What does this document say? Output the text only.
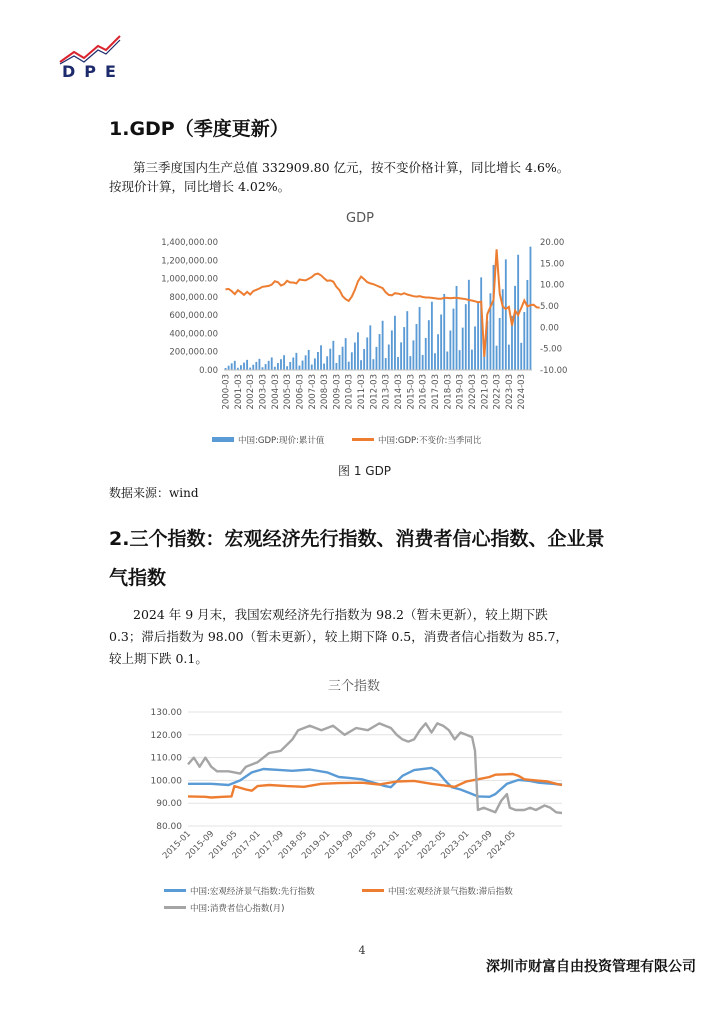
DPE
1.GDP（季度更新）

第三季度国内生产总值 332909.80 亿元，按不变价格计算，同比增长 4.6%。

按现价计算，同比增长 4.02%。

GDP
1,400,000.00
1,200,000.00
1,000,000.00
800,000.00
600,000.00
400,000.00
200,000.00
0.00
20.00
15.00
10.00
5.00
0.00
-5.00
-10.00
2000-03 2001-03 2002-03 2003-03 2004-03 2005-03 2006-03 2007-03 2008-03 2009-03 2010-03 2011-03 2012-03 2013-03 2014-03 2015-03 2016-03 2017-03 2018-03 2019-03 2020-03 2021-03 2022-03 2023-03 2024-03
中国:GDP:现价:累计值	中国:GDP:不变价:当季同比
图 1 GDP
数据来源：wind
2.三个指数：宏观经济先行指数、消费者信心指数、企业景
气指数

2024 年 9 月末，我国宏观经济先行指数为 98.2（暂未更新），较上期下跌

0.3；滞后指数为 98.00（暂未更新），较上期下降 0.5，消费者信心指数为 85.7，

较上期下跌 0.1。

三个指数
130.00
120.00
110.00
100.00
90.00
80.00
2015-01
2015-09
2016-05
2017-01
2017-09
2018-05
2019-01
2019-09
2020-05
2021-01
2021-09
2022-05
2023-01
2023-09
2024-05
中国:宏观经济景气指数:先行指数	中国:宏观经济景气指数:滞后指数
中国:消费者信心指数(月)
4
深圳市财富自由投资管理有限公司
